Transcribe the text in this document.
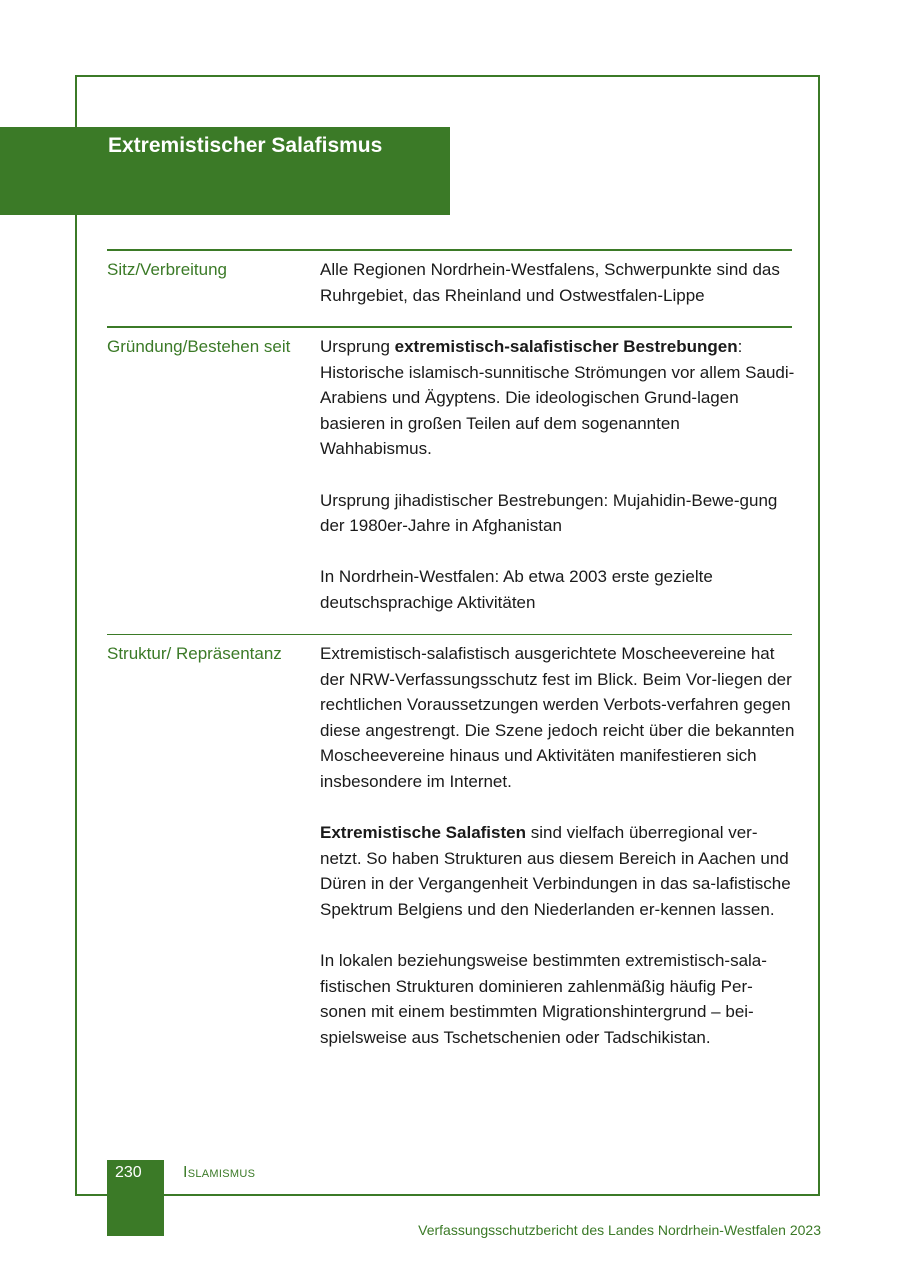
Extremistischer Salafismus
Sitz/Verbreitung	Alle Regionen Nordrhein-Westfalens, Schwerpunkte sind das Ruhrgebiet, das Rheinland und Ostwestfalen-Lippe

Gründung/Bestehen seit Ursprung extremistisch-salafistischer Bestrebungen: Historische islamisch-sunnitische Strömungen vor allem Saudi-Arabiens und Ägyptens. Die ideologischen Grund-lagen basieren in großen Teilen auf dem sogenannten Wahhabismus.

Ursprung jihadistischer Bestrebungen: Mujahidin-Bewe-gung der 1980er-Jahre in Afghanistan

In Nordrhein-Westfalen: Ab etwa 2003 erste gezielte deutschsprachige Aktivitäten

Struktur/ Repräsentanz Extremistisch-salafistisch ausgerichtete Moscheevereine hat der NRW-Verfassungsschutz fest im Blick. Beim Vor-liegen der rechtlichen Voraussetzungen werden Verbots-verfahren gegen diese angestrengt. Die Szene jedoch reicht über die bekannten Moscheevereine hinaus und Aktivitäten manifestieren sich insbesondere im Internet.

Extremistische Salafisten sind vielfach überregional ver-netzt. So haben Strukturen aus diesem Bereich in Aachen und Düren in der Vergangenheit Verbindungen in das sa-lafistische Spektrum Belgiens und den Niederlanden er-kennen lassen.

In lokalen beziehungsweise bestimmten extremistisch-sala-fistischen Strukturen dominieren zahlenmäßig häufig Per-sonen mit einem bestimmten Migrationshintergrund – bei-spielsweise aus Tschetschenien oder Tadschikistan.

230	Islamismus
Verfassungsschutzbericht des Landes Nordrhein-Westfalen 2023
